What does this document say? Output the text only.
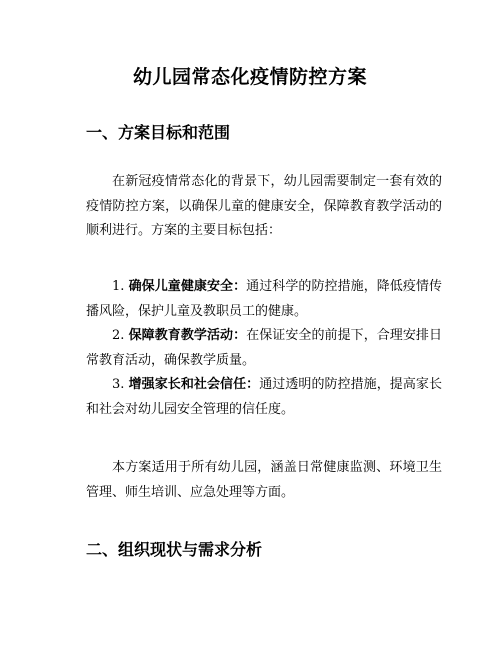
幼儿园常态化疫情防控方案
一、方案目标和范围

在新冠疫情常态化的背景下，幼儿园需要制定一套有效的疫情防控方案，以确保儿童的健康安全，保障教育教学活动的顺利进行。方案的主要目标包括：

1. 确保儿童健康安全：通过科学的防控措施，降低疫情传播风险，保护儿童及教职员工的健康。
2. 保障教育教学活动：在保证安全的前提下，合理安排日常教育活动，确保教学质量。
3. 增强家长和社会信任：通过透明的防控措施，提高家长和社会对幼儿园安全管理的信任度。

本方案适用于所有幼儿园，涵盖日常健康监测、环境卫生管理、师生培训、应急处理等方面。

二、组织现状与需求分析
